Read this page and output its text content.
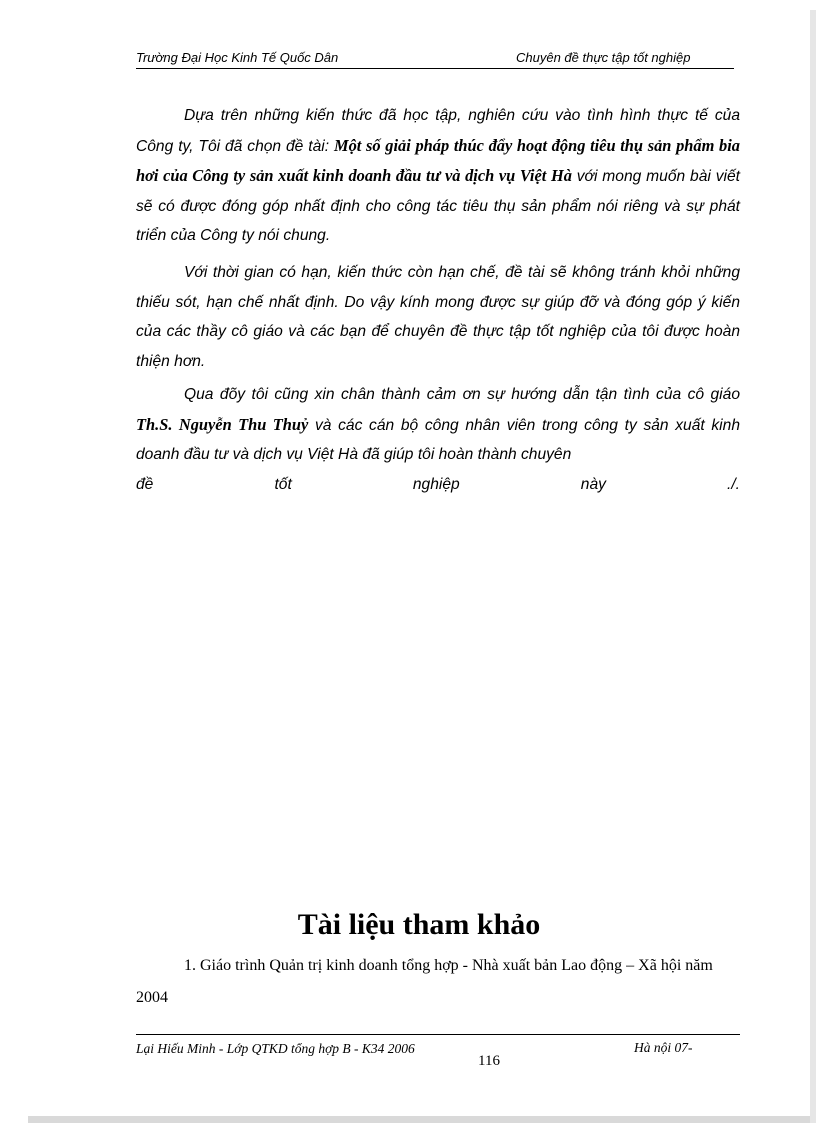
Trường Đại Học Kinh Tế Quốc Dân	Chuyên đề thực tập tốt nghiệp

Dựa trên những kiến thức đã học tập, nghiên cứu vào tình hình thực tế của Công ty, Tôi đã chọn đề tài: Một số giải pháp thúc đẩy hoạt động tiêu thụ sản phẩm bia hơi của Công ty sản xuất kinh doanh đầu tư và dịch vụ Việt Hà với mong muốn bài viết sẽ có được đóng góp nhất định cho công tác tiêu thụ sản phẩm nói riêng và sự phát triển của Công ty nói chung.

Với thời gian có hạn, kiến thức còn hạn chế, đề tài sẽ không tránh khỏi những thiếu sót, hạn chế nhất định. Do vậy kính mong được sự giúp đỡ và đóng góp ý kiến của các thầy cô giáo và các bạn để chuyên đề thực tập tốt nghiệp của tôi được hoàn thiện hơn.

Qua đõy tôi cũng xin chân thành cảm ơn sự hướng dẫn tận tình của cô giáo Th.S. Nguyễn Thu Thuỷ và các cán bộ công nhân viên trong công ty sản xuất kinh doanh đầu tư và dịch vụ Việt Hà đã giúp tôi hoàn thành chuyên

đề	tốt	nghiệp	này	./.
Tài liệu tham khảo

1. Giáo trình Quản trị kinh doanh tổng hợp - Nhà xuất bản Lao động – Xã hội năm 2004

Lại Hiếu Minh - Lớp QTKD tổng hợp B - K34 2006
116
Hà nội 07-
